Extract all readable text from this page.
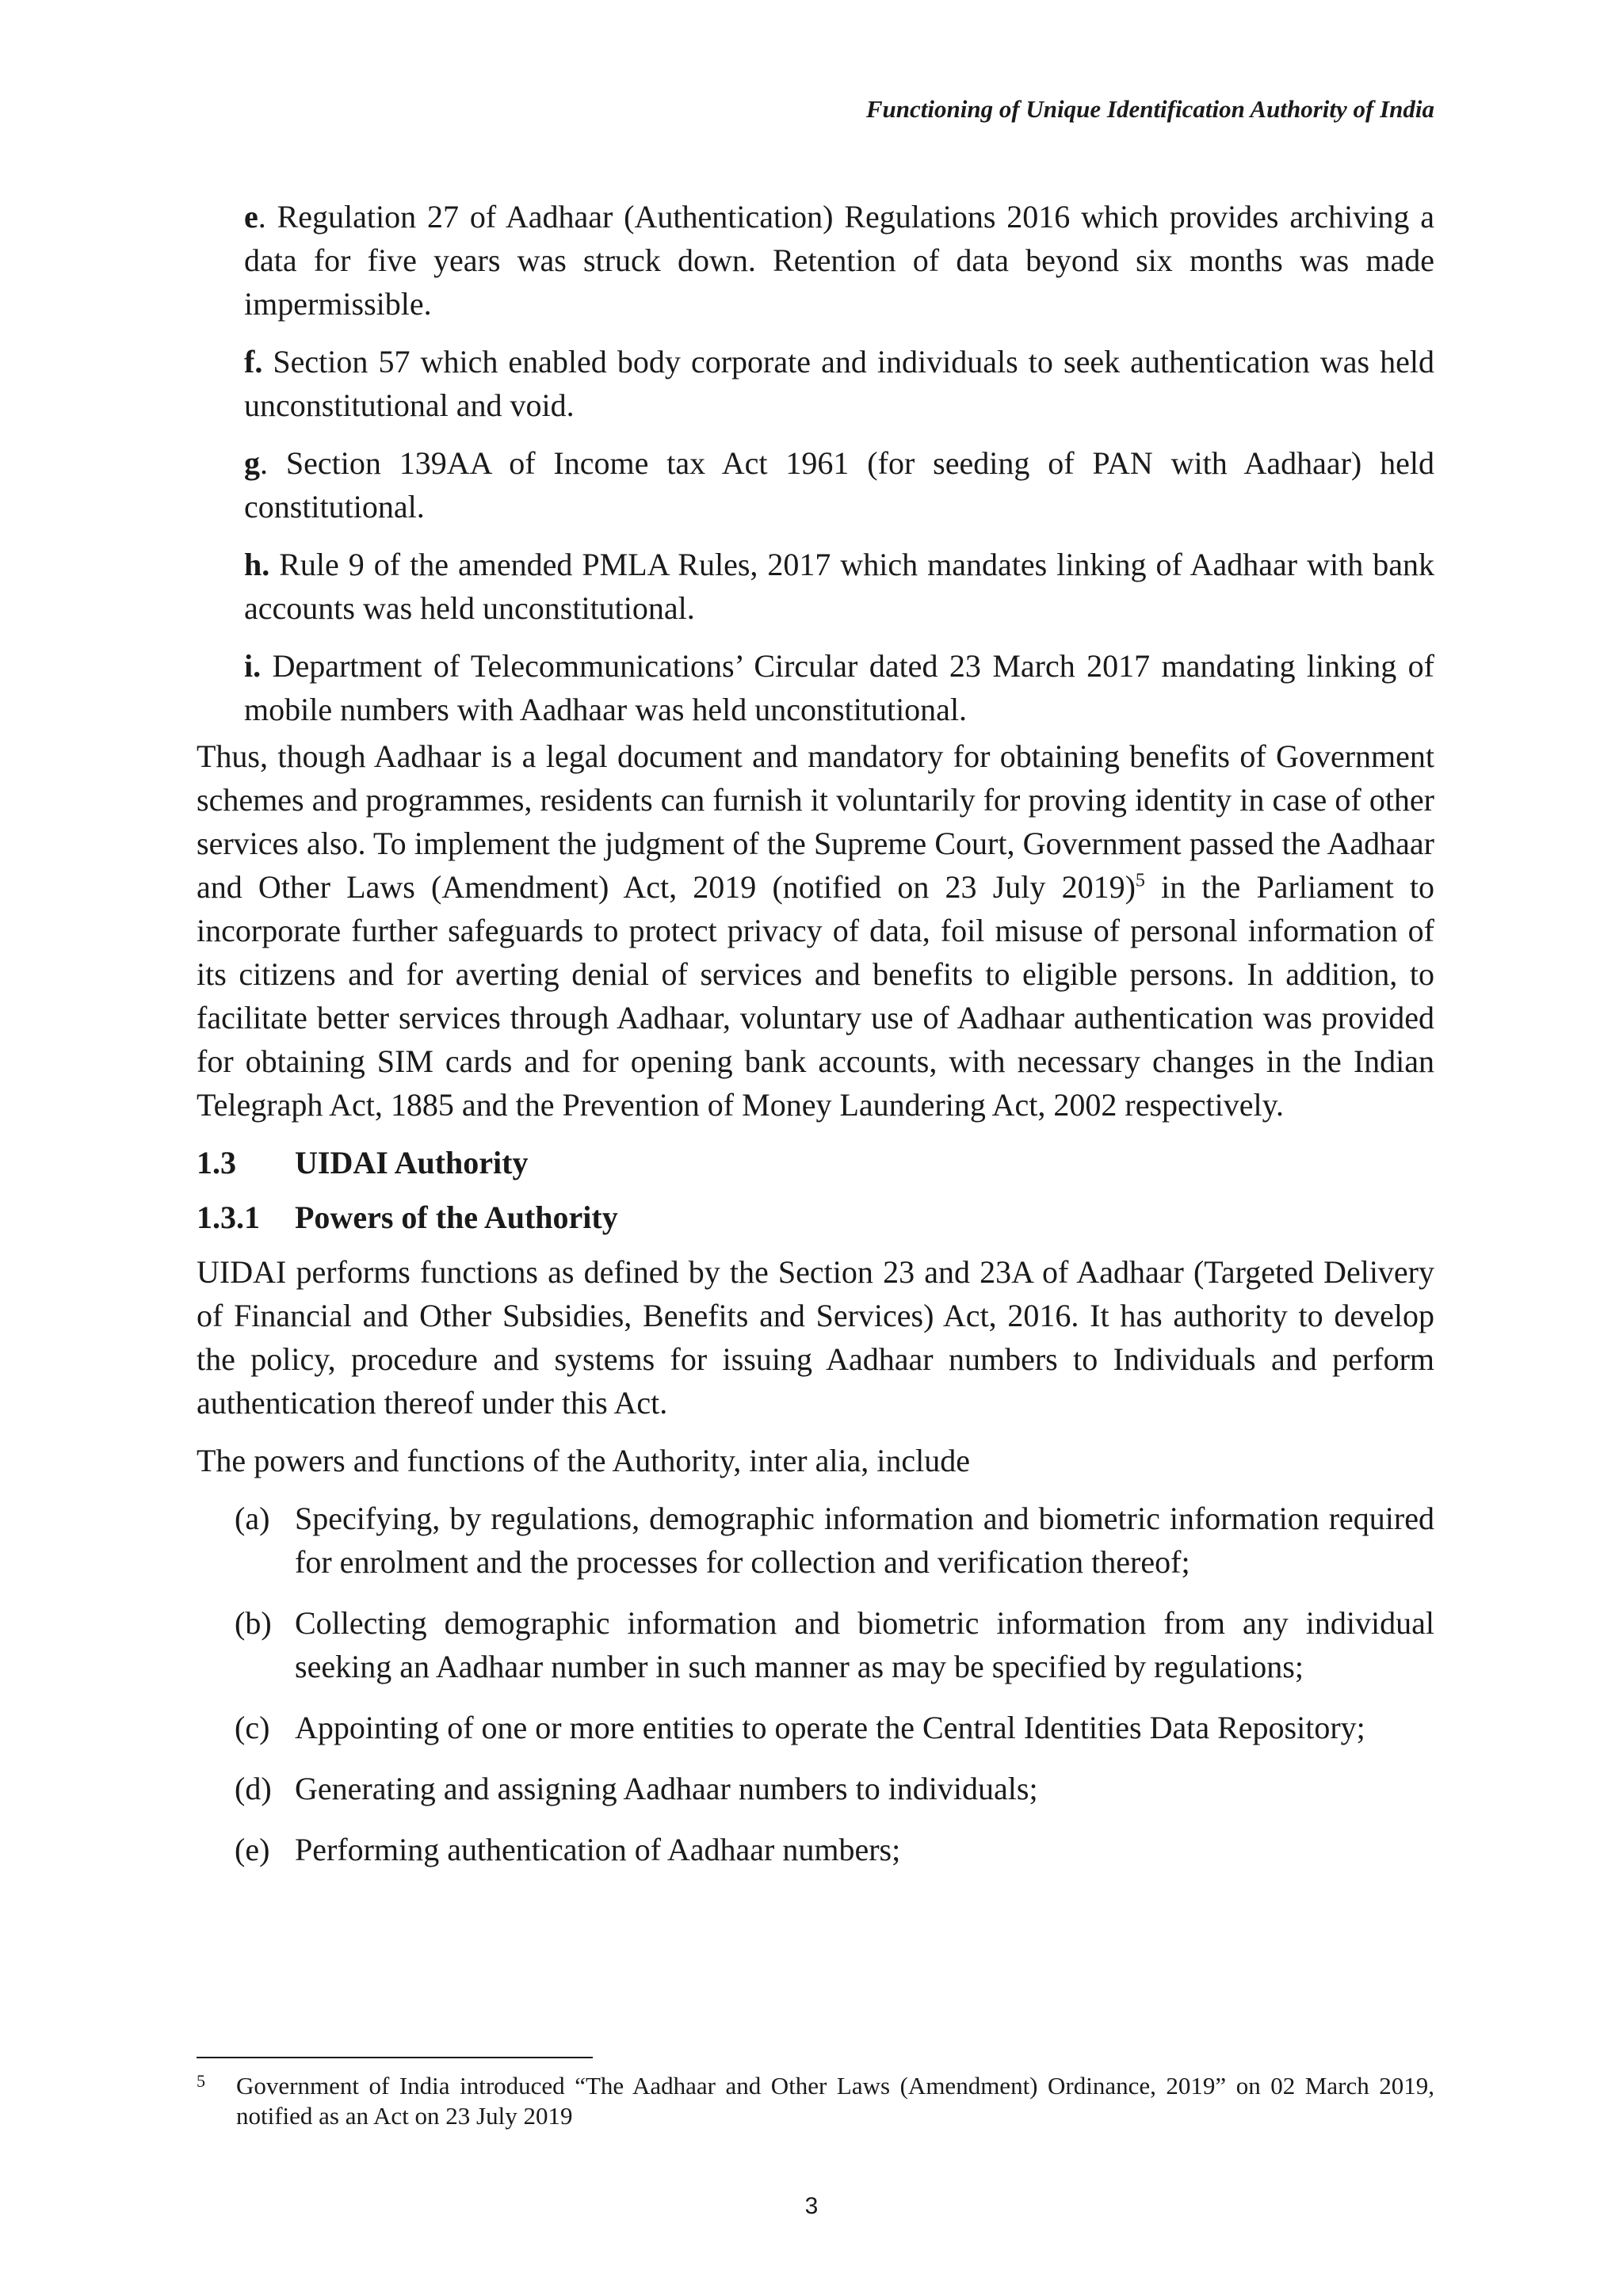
Functioning of Unique Identification Authority of India

e. Regulation 27 of Aadhaar (Authentication) Regulations 2016 which provides archiving a data for five years was struck down. Retention of data beyond six months was made impermissible.

f. Section 57 which enabled body corporate and individuals to seek authentication was held unconstitutional and void.

g. Section 139AA of Income tax Act 1961 (for seeding of PAN with Aadhaar) held constitutional.

h. Rule 9 of the amended PMLA Rules, 2017 which mandates linking of Aadhaar with bank accounts was held unconstitutional.

i. Department of Telecommunications’ Circular dated 23 March 2017 mandating linking of mobile numbers with Aadhaar was held unconstitutional.

Thus, though Aadhaar is a legal document and mandatory for obtaining benefits of Government schemes and programmes, residents can furnish it voluntarily for proving identity in case of other services also. To implement the judgment of the Supreme Court, Government passed the Aadhaar and Other Laws (Amendment) Act, 2019 (notified on 23 July 2019)$^5$ in the Parliament to incorporate further safeguards to protect privacy of data, foil misuse of personal information of its citizens and for averting denial of services and benefits to eligible persons. In addition, to facilitate better services through Aadhaar, voluntary use of Aadhaar authentication was provided for obtaining SIM cards and for opening bank accounts, with necessary changes in the Indian Telegraph Act, 1885 and the Prevention of Money Laundering Act, 2002 respectively.

1.3 UIDAI Authority

1.3.1 Powers of the Authority

UIDAI performs functions as defined by the Section 23 and 23A of Aadhaar (Targeted Delivery of Financial and Other Subsidies, Benefits and Services) Act, 2016. It has authority to develop the policy, procedure and systems for issuing Aadhaar numbers to Individuals and perform authentication thereof under this Act.

The powers and functions of the Authority, inter alia, include

(a) Specifying, by regulations, demographic information and biometric information required for enrolment and the processes for collection and verification thereof;
(b) Collecting demographic information and biometric information from any individual seeking an Aadhaar number in such manner as may be specified by regulations;
(c) Appointing of one or more entities to operate the Central Identities Data Repository;
(d) Generating and assigning Aadhaar numbers to individuals;
(e) Performing authentication of Aadhaar numbers;
5 Government of India introduced “The Aadhaar and Other Laws (Amendment) Ordinance, 2019” on 02 March 2019, notified as an Act on 23 July 2019
3
